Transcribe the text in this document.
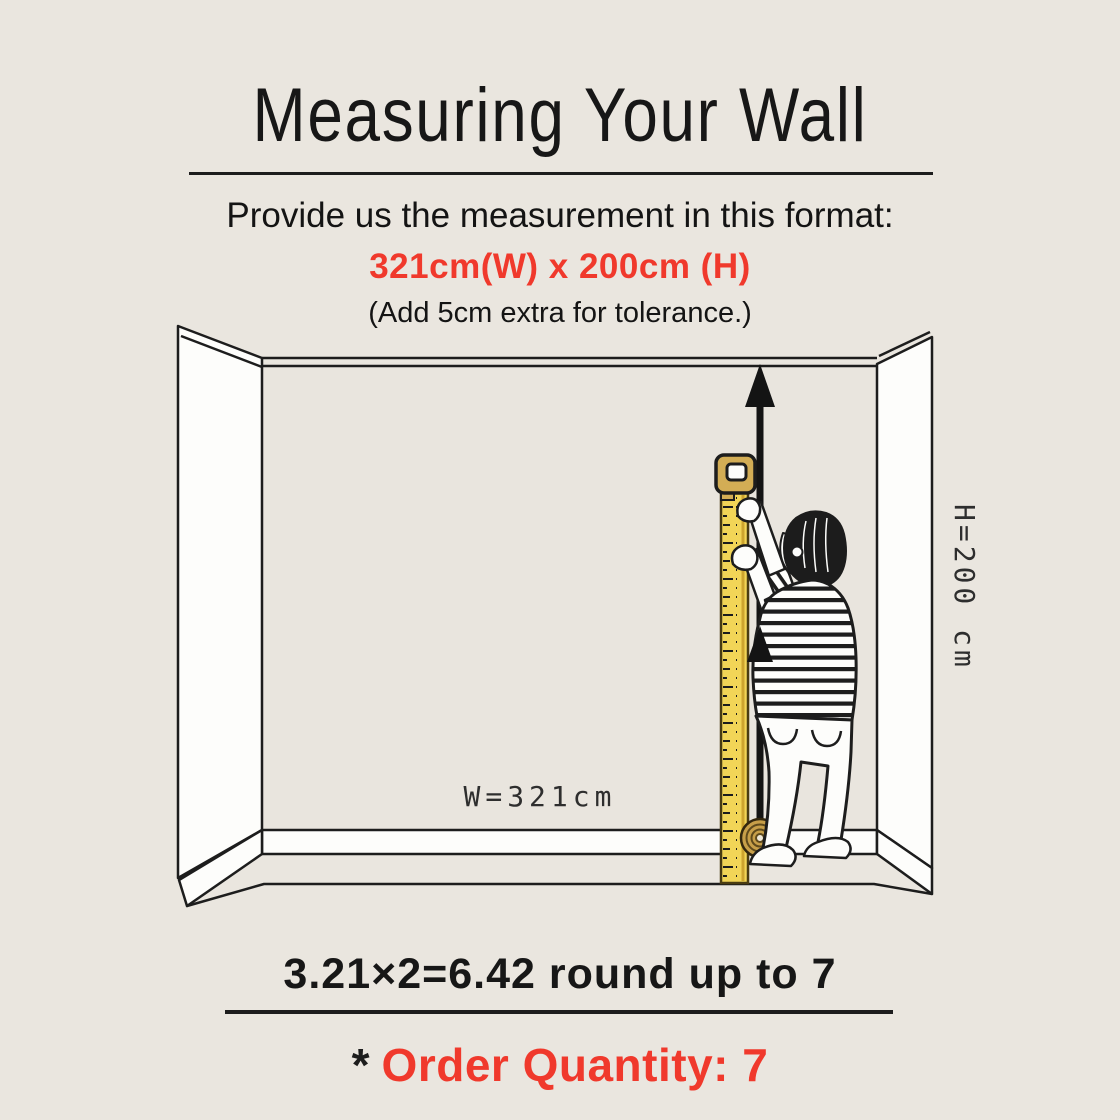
Measuring Your Wall
Provide us the measurement in this format:
321cm(W) x 200cm (H)
(Add 5cm extra for tolerance.)
W=321cm
H=200 cm
3.21×2=6.42 round up to 7
* Order Quantity: 7
